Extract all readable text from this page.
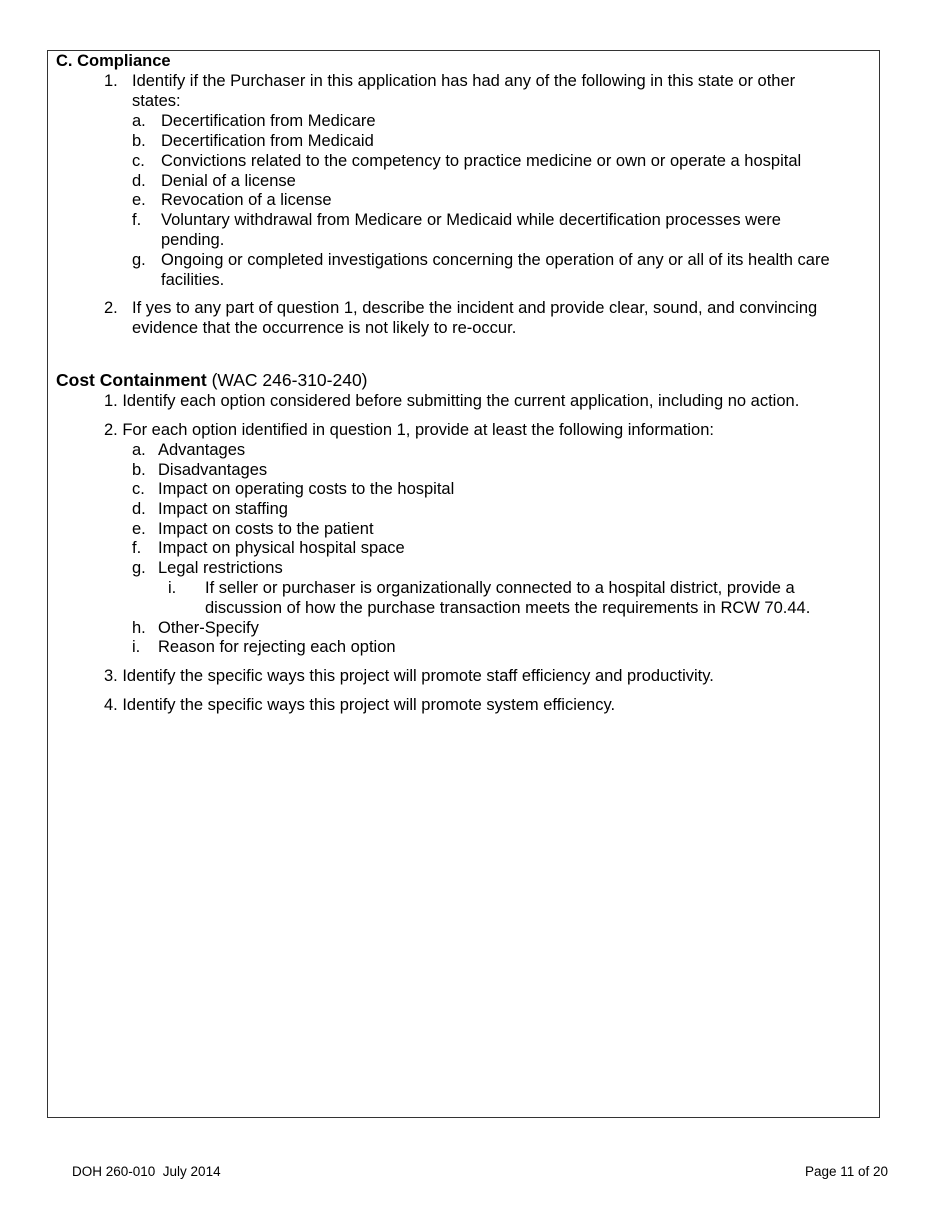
C. Compliance
1. Identify if the Purchaser in this application has had any of the following in this state or other
states:
a. Decertification from Medicare
b. Decertification from Medicaid
c. Convictions related to the competency to practice medicine or own or operate a hospital
d. Denial of a license
e. Revocation of a license
f. Voluntary withdrawal from Medicare or Medicaid while decertification processes were
pending.
g. Ongoing or completed investigations concerning the operation of any or all of its health care
facilities.
2. If yes to any part of question 1, describe the incident and provide clear, sound, and convincing
evidence that the occurrence is not likely to re-occur.
Cost Containment (WAC 246-310-240)
1. Identify each option considered before submitting the current application, including no action.
2. For each option identified in question 1, provide at least the following information:
a. Advantages
b. Disadvantages
c. Impact on operating costs to the hospital
d. Impact on staffing
e. Impact on costs to the patient
f. Impact on physical hospital space
g. Legal restrictions
i. If seller or purchaser is organizationally connected to a hospital district, provide a
discussion of how the purchase transaction meets the requirements in RCW 70.44.
h. Other-Specify
i. Reason for rejecting each option
3. Identify the specific ways this project will promote staff efficiency and productivity.
4. Identify the specific ways this project will promote system efficiency.
DOH 260-010  July 2014	Page 11 of 20
